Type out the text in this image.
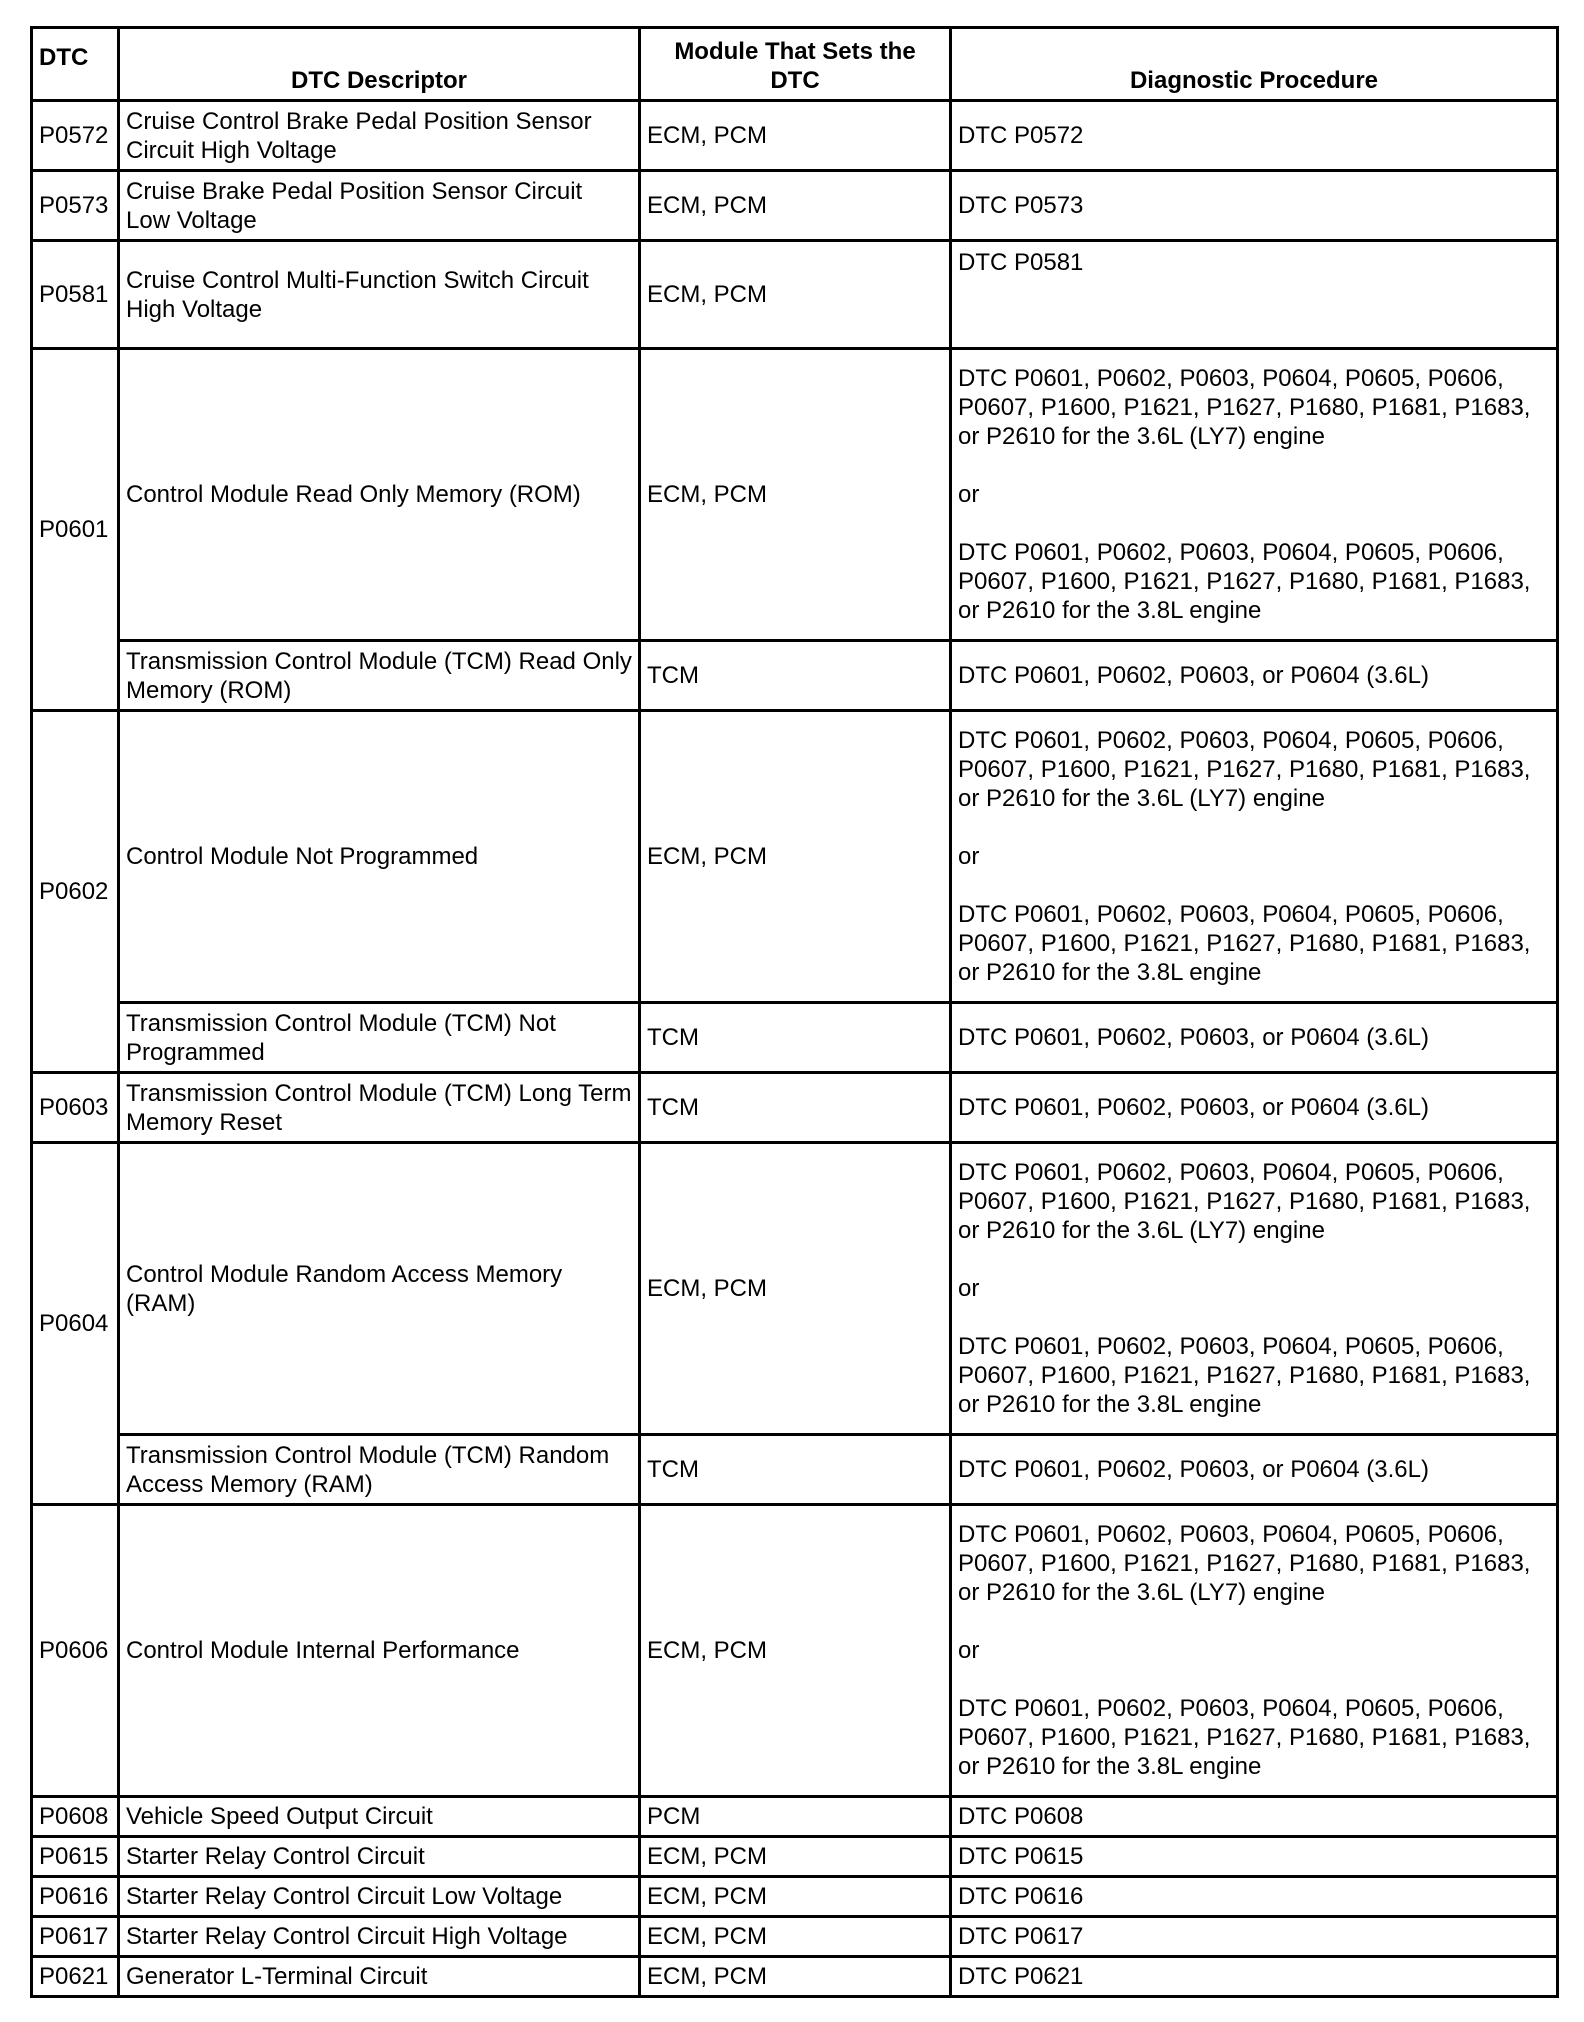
DTC	DTC Descriptor	Module That Sets the DTC	Diagnostic Procedure
P0572	Cruise Control Brake Pedal Position Sensor Circuit High Voltage	ECM, PCM	DTC P0572
P0573	Cruise Brake Pedal Position Sensor Circuit Low Voltage	ECM, PCM	DTC P0573
P0581	Cruise Control Multi-Function Switch Circuit High Voltage	ECM, PCM	DTC P0581
P0601	Control Module Read Only Memory (ROM)	ECM, PCM	DTC P0601, P0602, P0603, P0604, P0605, P0606, P0607, P1600, P1621, P1627, P1680, P1681, P1683, or P2610 for the 3.6L (LY7) engine

or

DTC P0601, P0602, P0603, P0604, P0605, P0606, P0607, P1600, P1621, P1627, P1680, P1681, P1683, or P2610 for the 3.8L engine
	Transmission Control Module (TCM) Read Only Memory (ROM)	TCM	DTC P0601, P0602, P0603, or P0604 (3.6L)
P0602	Control Module Not Programmed	ECM, PCM	DTC P0601, P0602, P0603, P0604, P0605, P0606, P0607, P1600, P1621, P1627, P1680, P1681, P1683, or P2610 for the 3.6L (LY7) engine

or

DTC P0601, P0602, P0603, P0604, P0605, P0606, P0607, P1600, P1621, P1627, P1680, P1681, P1683, or P2610 for the 3.8L engine
	Transmission Control Module (TCM) Not Programmed	TCM	DTC P0601, P0602, P0603, or P0604 (3.6L)
P0603	Transmission Control Module (TCM) Long Term Memory Reset	TCM	DTC P0601, P0602, P0603, or P0604 (3.6L)
P0604	Control Module Random Access Memory (RAM)	ECM, PCM	DTC P0601, P0602, P0603, P0604, P0605, P0606, P0607, P1600, P1621, P1627, P1680, P1681, P1683, or P2610 for the 3.6L (LY7) engine

or

DTC P0601, P0602, P0603, P0604, P0605, P0606, P0607, P1600, P1621, P1627, P1680, P1681, P1683, or P2610 for the 3.8L engine
	Transmission Control Module (TCM) Random Access Memory (RAM)	TCM	DTC P0601, P0602, P0603, or P0604 (3.6L)
P0606	Control Module Internal Performance	ECM, PCM	DTC P0601, P0602, P0603, P0604, P0605, P0606, P0607, P1600, P1621, P1627, P1680, P1681, P1683, or P2610 for the 3.6L (LY7) engine

or

DTC P0601, P0602, P0603, P0604, P0605, P0606, P0607, P1600, P1621, P1627, P1680, P1681, P1683, or P2610 for the 3.8L engine
P0608	Vehicle Speed Output Circuit	PCM	DTC P0608
P0615	Starter Relay Control Circuit	ECM, PCM	DTC P0615
P0616	Starter Relay Control Circuit Low Voltage	ECM, PCM	DTC P0616
P0617	Starter Relay Control Circuit High Voltage	ECM, PCM	DTC P0617
P0621	Generator L-Terminal Circuit	ECM, PCM	DTC P0621
